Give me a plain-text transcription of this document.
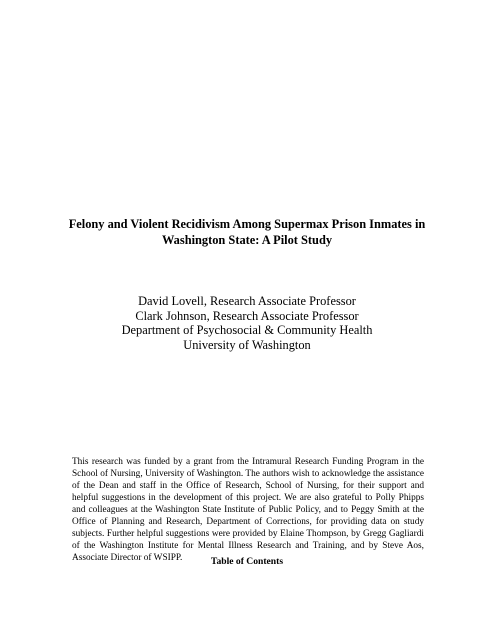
Felony and Violent Recidivism Among Supermax Prison Inmates in
Washington State: A Pilot Study
David Lovell, Research Associate Professor
Clark Johnson, Research Associate Professor
Department of Psychosocial & Community Health
University of Washington

This research was funded by a grant from the Intramural Research Funding Program in the School of Nursing, University of Washington. The authors wish to acknowledge the assistance of the Dean and staff in the Office of Research, School of Nursing, for their support and helpful suggestions in the development of this project. We are also grateful to Polly Phipps and colleagues at the Washington State Institute of Public Policy, and to Peggy Smith at the Office of Planning and Research, Department of Corrections, for providing data on study subjects. Further helpful suggestions were provided by Elaine Thompson, by Gregg Gagliardi of the Washington Institute for Mental Illness Research and Training, and by Steve Aos, Associate Director of WSIPP.	Table of Contents
